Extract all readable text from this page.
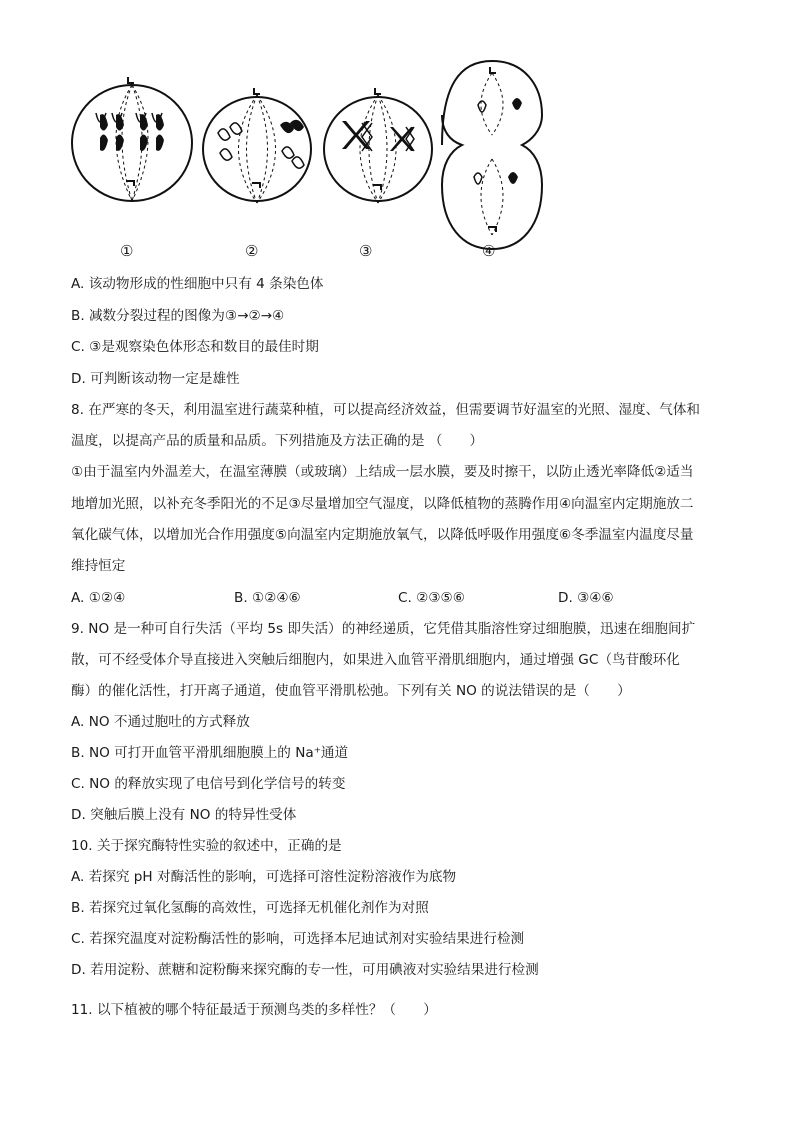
①	②	③	④
A. 该动物形成的性细胞中只有 4 条染色体
B. 减数分裂过程的图像为③→②→④
C. ③是观察染色体形态和数目的最佳时期
D. 可判断该动物一定是雄性
8. 在严寒的冬天，利用温室进行蔬菜种植，可以提高经济效益，但需要调节好温室的光照、湿度、气体和
温度，以提高产品的质量和品质。下列措施及方法正确的是 （　　）
①由于温室内外温差大，在温室薄膜（或玻璃）上结成一层水膜，要及时擦干，以防止透光率降低②适当
地增加光照，以补充冬季阳光的不足③尽量增加空气湿度，以降低植物的蒸腾作用④向温室内定期施放二
氧化碳气体，以增加光合作用强度⑤向温室内定期施放氧气，以降低呼吸作用强度⑥冬季温室内温度尽量
维持恒定
A. ①②④	B. ①②④⑥	C. ②③⑤⑥	D. ③④⑥
9. NO 是一种可自行失活（平均 5s 即失活）的神经递质，它凭借其脂溶性穿过细胞膜，迅速在细胞间扩
散，可不经受体介导直接进入突触后细胞内，如果进入血管平滑肌细胞内，通过增强 GC（鸟苷酸环化
酶）的催化活性，打开离子通道，使血管平滑肌松弛。下列有关 NO 的说法错误的是（　　）
A. NO 不通过胞吐的方式释放
B. NO 可打开血管平滑肌细胞膜上的 Na⁺通道
C. NO 的释放实现了电信号到化学信号的转变
D. 突触后膜上没有 NO 的特异性受体
10. 关于探究酶特性实验的叙述中，正确的是
A. 若探究 pH 对酶活性的影响，可选择可溶性淀粉溶液作为底物
B. 若探究过氧化氢酶的高效性，可选择无机催化剂作为对照
C. 若探究温度对淀粉酶活性的影响，可选择本尼迪试剂对实验结果进行检测
D. 若用淀粉、蔗糖和淀粉酶来探究酶的专一性，可用碘液对实验结果进行检测
11. 以下植被的哪个特征最适于预测鸟类的多样性？（　　）
